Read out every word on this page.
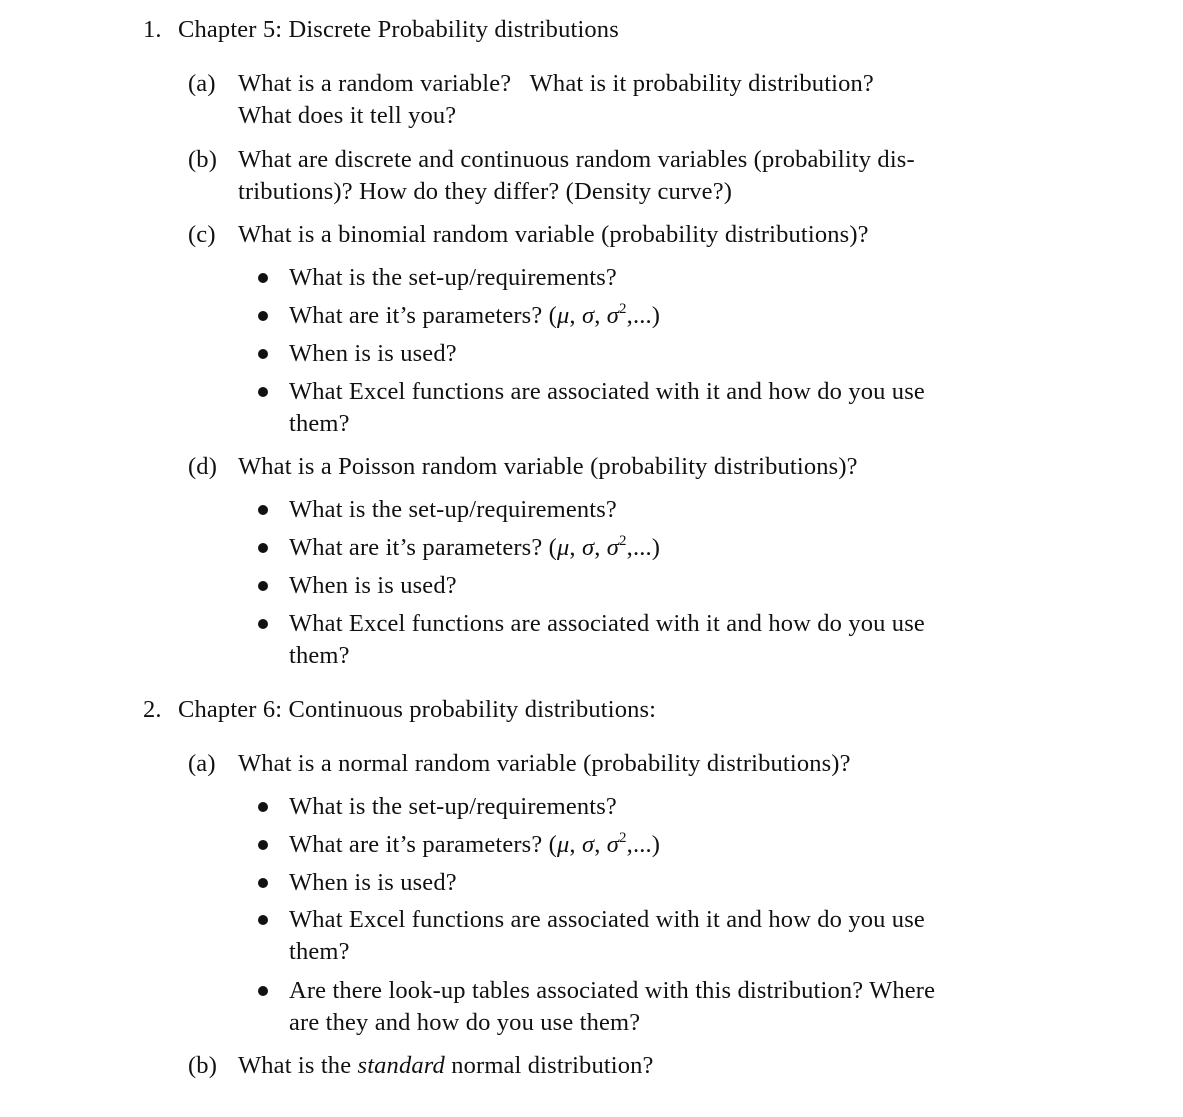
1. Chapter 5: Discrete Probability distributions
(a) What is a random variable?   What is it probability distribution?
What does it tell you?
(b) What are discrete and continuous random variables (probability dis-
tributions)? How do they differ? (Density curve?)
(c) What is a binomial random variable (probability distributions)?
What is the set-up/requirements?
What are it’s parameters? (μ, σ, $\sigma^2$,...)
When is is used?
What Excel functions are associated with it and how do you use
them?
(d) What is a Poisson random variable (probability distributions)?
What is the set-up/requirements?
What are it’s parameters? (μ, σ, $\sigma^2$,...)
When is is used?
What Excel functions are associated with it and how do you use
them?
2. Chapter 6: Continuous probability distributions:
(a) What is a normal random variable (probability distributions)?
What is the set-up/requirements?
What are it’s parameters? (μ, σ, $\sigma^2$,...)
When is is used?
What Excel functions are associated with it and how do you use
them?
Are there look-up tables associated with this distribution? Where
are they and how do you use them?
(b) What is the standard normal distribution?
